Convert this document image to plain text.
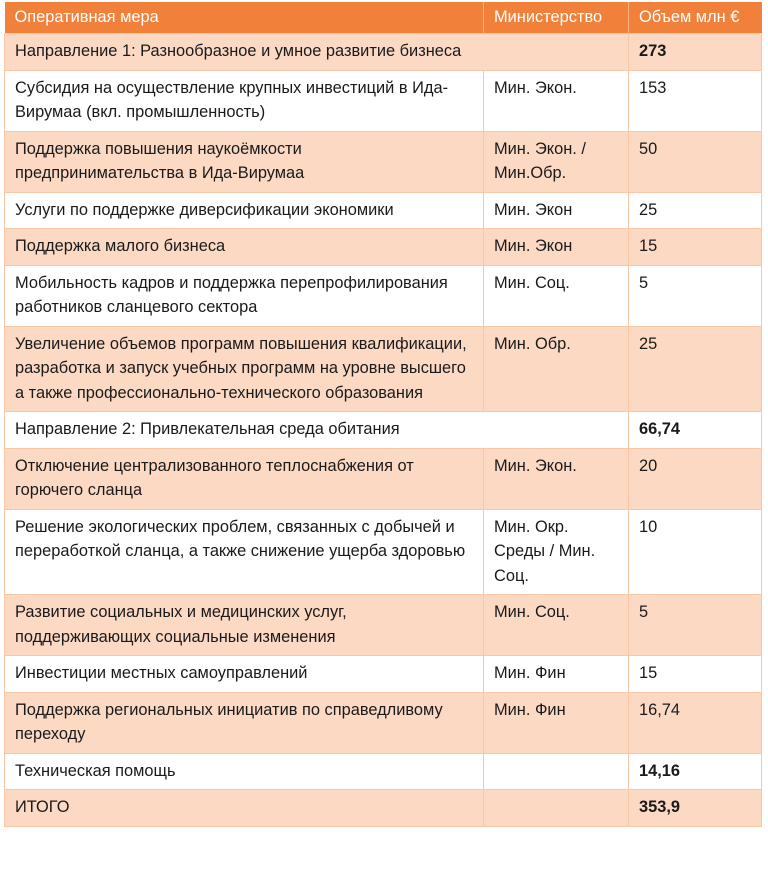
Оперативная мера	Министерство	Объем млн €
Направление 1: Разнообразное и умное развитие бизнеса		273
Субсидия на осуществление крупных инвестиций в Ида-Вирумаа (вкл. промышленность)	Мин. Экон.	153
Поддержка повышения наукоёмкости предпринимательства в Ида-Вирумаа	Мин. Экон. / Мин.Обр.	50
Услуги по поддержке диверсификации экономики	Мин. Экон	25
Поддержка малого бизнеса	Мин. Экон	15
Мобильность кадров и поддержка перепрофилирования работников сланцевого сектора	Мин. Соц.	5
Увеличение объемов программ повышения квалификации, разработка и запуск учебных программ на уровне высшего а также профессионально-технического образования	Мин. Обр.	25
Направление 2: Привлекательная среда обитания		66,74
Отключение централизованного теплоснабжения от горючего сланца	Мин. Экон.	20
Решение экологических проблем, связанных с добычей и переработкой сланца, а также снижение ущерба здоровью	Мин. Окр. Среды / Мин. Соц.	10
Развитие социальных и медицинских услуг, поддерживающих социальные изменения	Мин. Соц.	5
Инвестиции местных самоуправлений	Мин. Фин	15
Поддержка региональных инициатив по справедливому переходу	Мин. Фин	16,74
Техническая помощь		14,16
ИТОГО		353,9
